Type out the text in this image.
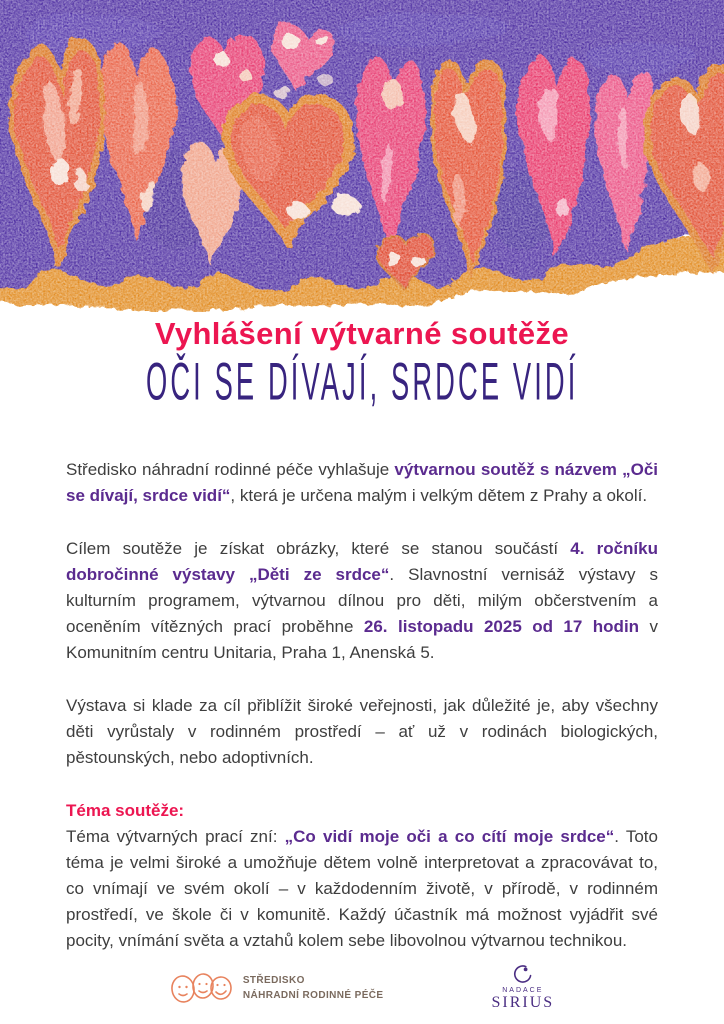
Vyhlášení výtvarné soutěže
OČI SE DÍVAJÍ, SRDCE VIDÍ

Středisko náhradní rodinné péče vyhlašuje výtvarnou soutěž s názvem „Oči se dívají, srdce vidí“, která je určena malým i velkým dětem z Prahy a okolí.

Cílem soutěže je získat obrázky, které se stanou součástí 4. ročníku dobročinné výstavy „Děti ze srdce“. Slavnostní vernisáž výstavy s kulturním programem, výtvarnou dílnou pro děti, milým občerstvením a oceněním vítězných prací proběhne 26. listopadu 2025 od 17 hodin v Komunitním centru Unitaria, Praha 1, Anenská 5.

Výstava si klade za cíl přiblížit široké veřejnosti, jak důležité je, aby všechny děti vyrůstaly v rodinném prostředí – ať už v rodinách biologických, pěstounských, nebo adoptivních.

Téma soutěže:

Téma výtvarných prací zní: „Co vidí moje oči a co cítí moje srdce“. Toto téma je velmi široké a umožňuje dětem volně interpretovat a zpracovávat to, co vnímají ve svém okolí – v každodenním životě, v přírodě, v rodinném prostředí, ve škole či v komunitě. Každý účastník má možnost vyjádřit své pocity, vnímání světa a vztahů kolem sebe libovolnou výtvarnou technikou.

STŘEDISKO
NÁHRADNÍ RODINNÉ PÉČE	NADACE
SIRIUS
